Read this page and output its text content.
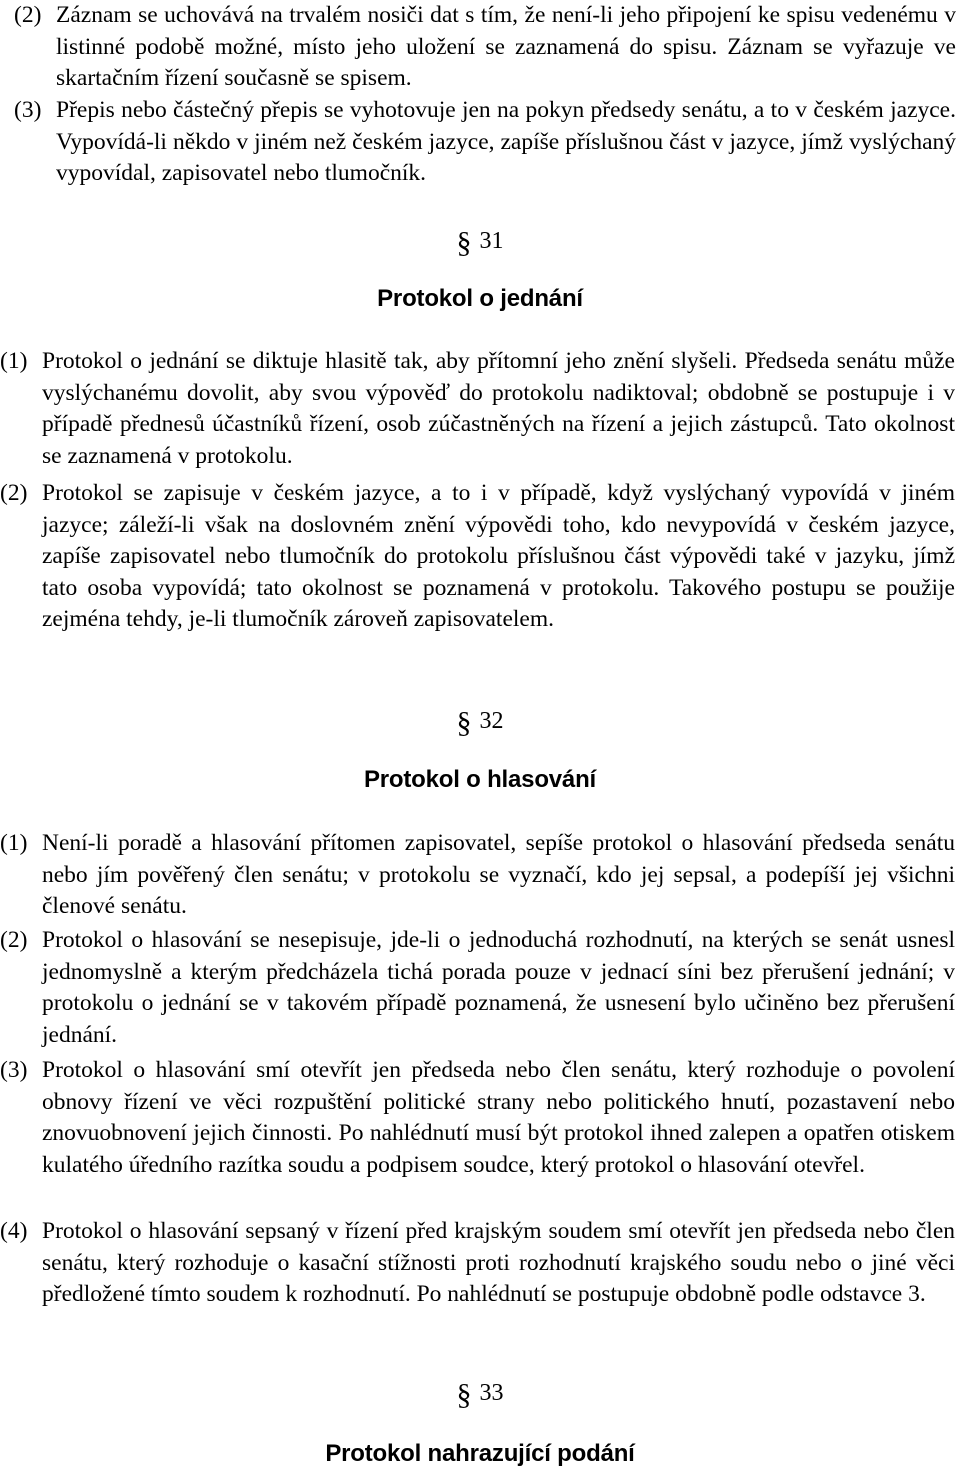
(2) Záznam se uchovává na trvalém nosiči dat s tím, že není-li jeho připojení ke spisu vedenému v listinné podobě možné, místo jeho uložení se zaznamená do spisu. Záznam se vyřazuje ve skartačním řízení současně se spisem.

(3) Přepis nebo částečný přepis se vyhotovuje jen na pokyn předsedy senátu, a to v českém jazyce. Vypovídá-li někdo v jiném než českém jazyce, zapíše příslušnou část v jazyce, jímž vyslýchaný vypovídal, zapisovatel nebo tlumočník.

§ 31

Protokol o jednání

(1) Protokol o jednání se diktuje hlasitě tak, aby přítomní jeho znění slyšeli. Předseda senátu může vyslýchanému dovolit, aby svou výpověď do protokolu nadiktoval; obdobně se postupuje i v případě přednesů účastníků řízení, osob zúčastněných na řízení a jejich zástupců. Tato okolnost se zaznamená v protokolu.

(2) Protokol se zapisuje v českém jazyce, a to i v případě, když vyslýchaný vypovídá v jiném jazyce; záleží-li však na doslovném znění výpovědi toho, kdo nevypovídá v českém jazyce, zapíše zapisovatel nebo tlumočník do protokolu příslušnou část výpovědi také v jazyku, jímž tato osoba vypovídá; tato okolnost se poznamená v protokolu. Takového postupu se použije zejména tehdy, je-li tlumočník zároveň zapisovatelem.

§ 32

Protokol o hlasování

(1) Není-li poradě a hlasování přítomen zapisovatel, sepíše protokol o hlasování předseda senátu nebo jím pověřený člen senátu; v protokolu se vyznačí, kdo jej sepsal, a podepíší jej všichni členové senátu.

(2) Protokol o hlasování se nesepisuje, jde-li o jednoduchá rozhodnutí, na kterých se senát usnesl jednomyslně a kterým předcházela tichá porada pouze v jednací síni bez přerušení jednání; v protokolu o jednání se v takovém případě poznamená, že usnesení bylo učiněno bez přerušení jednání.

(3) Protokol o hlasování smí otevřít jen předseda nebo člen senátu, který rozhoduje o povolení obnovy řízení ve věci rozpuštění politické strany nebo politického hnutí, pozastavení nebo znovuobnovení jejich činnosti. Po nahlédnutí musí být protokol ihned zalepen a opatřen otiskem kulatého úředního razítka soudu a podpisem soudce, který protokol o hlasování otevřel.

(4) Protokol o hlasování sepsaný v řízení před krajským soudem smí otevřít jen předseda nebo člen senátu, který rozhoduje o kasační stížnosti proti rozhodnutí krajského soudu nebo o jiné věci předložené tímto soudem k rozhodnutí. Po nahlédnutí se postupuje obdobně podle odstavce 3.

§ 33

Protokol nahrazující podání
